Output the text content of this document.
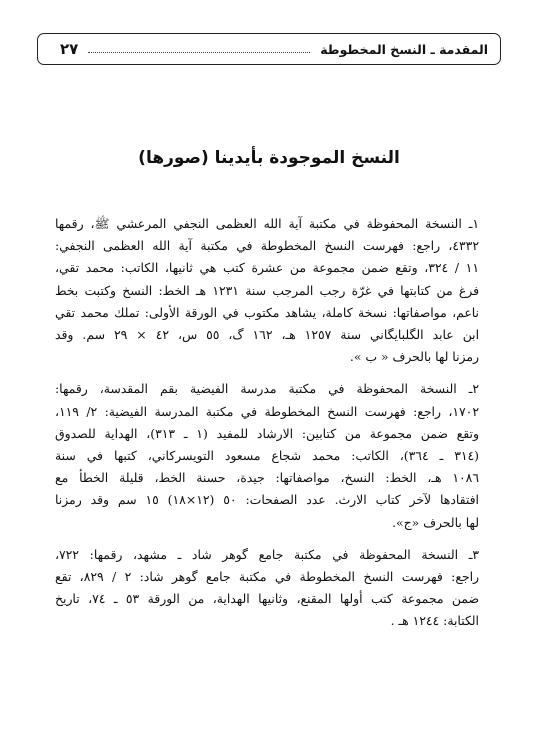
٢٧	المقدمة ـ النسخ المخطوطة
النسخ الموجودة بأيدينا (صورها)
١ـ النسخة المحفوظة في مكتبة آية الله العظمى النجفي المرعشي ﷺ، رقمها
٤٣٣٢، راجع: فهرست النسخ المخطوطة في مكتبة آية الله العظمى النجفي:
١١ / ٣٢٤، وتقع ضمن مجموعة من عشرة كتب هي ثانيها، الكاتب: محمد تقي،
فرغ من كتابتها في غرّة رجب المرجب سنة ١٢٣١ هـ الخط: النسخ وكتبت بخط
ناعم، مواصفاتها: نسخة كاملة، يشاهد مكتوب في الورقة الأولى: تملك محمد تقي
ابن عابد الگلبايگاني سنة ١٢٥٧ هـ، ١٦٢ گ، ٥٥ س، ٤٢ × ٢٩ سم. وقد
رمزنا لها بالحرف « ب ».
٢ـ النسخة المحفوظة في مكتبة مدرسة الفيضية بقم المقدسة، رقمها:
١٧٠٢، راجع: فهرست النسخ المخطوطة في مكتبة المدرسة الفيضية: ٢/ ١١٩،
وتقع ضمن مجموعة من كتابين: الارشاد للمفيد (١ ـ ٣١٣)، الهداية للصدوق
(٣١٤ ـ ٣٦٤)، الكاتب: محمد شجاع مسعود التويسركاني، كتبها في سنة
١٠٨٦ هـ، الخط: النسخ، مواصفاتها: جيدة، حسنة الخط، قليلة الخطأ مع
افتقادها لآخر كتاب الارث. عدد الصفحات: ٥٠ (١٢×١٨) ١٥ سم وقد رمزنا
لها بالحرف «ج».
٣ـ النسخة المحفوظة في مكتبة جامع گوهر شاد ـ مشهد، رقمها: ٧٢٢،
راجع: فهرست النسخ المخطوطة في مكتبة جامع گوهر شاد: ٢ / ٨٢٩، تقع
ضمن مجموعة كتب أولها المقنع، وثانيها الهداية، من الورقة ٥٣ ـ ٧٤، تاريخ
الكتابة: ١٢٤٤ هـ .
